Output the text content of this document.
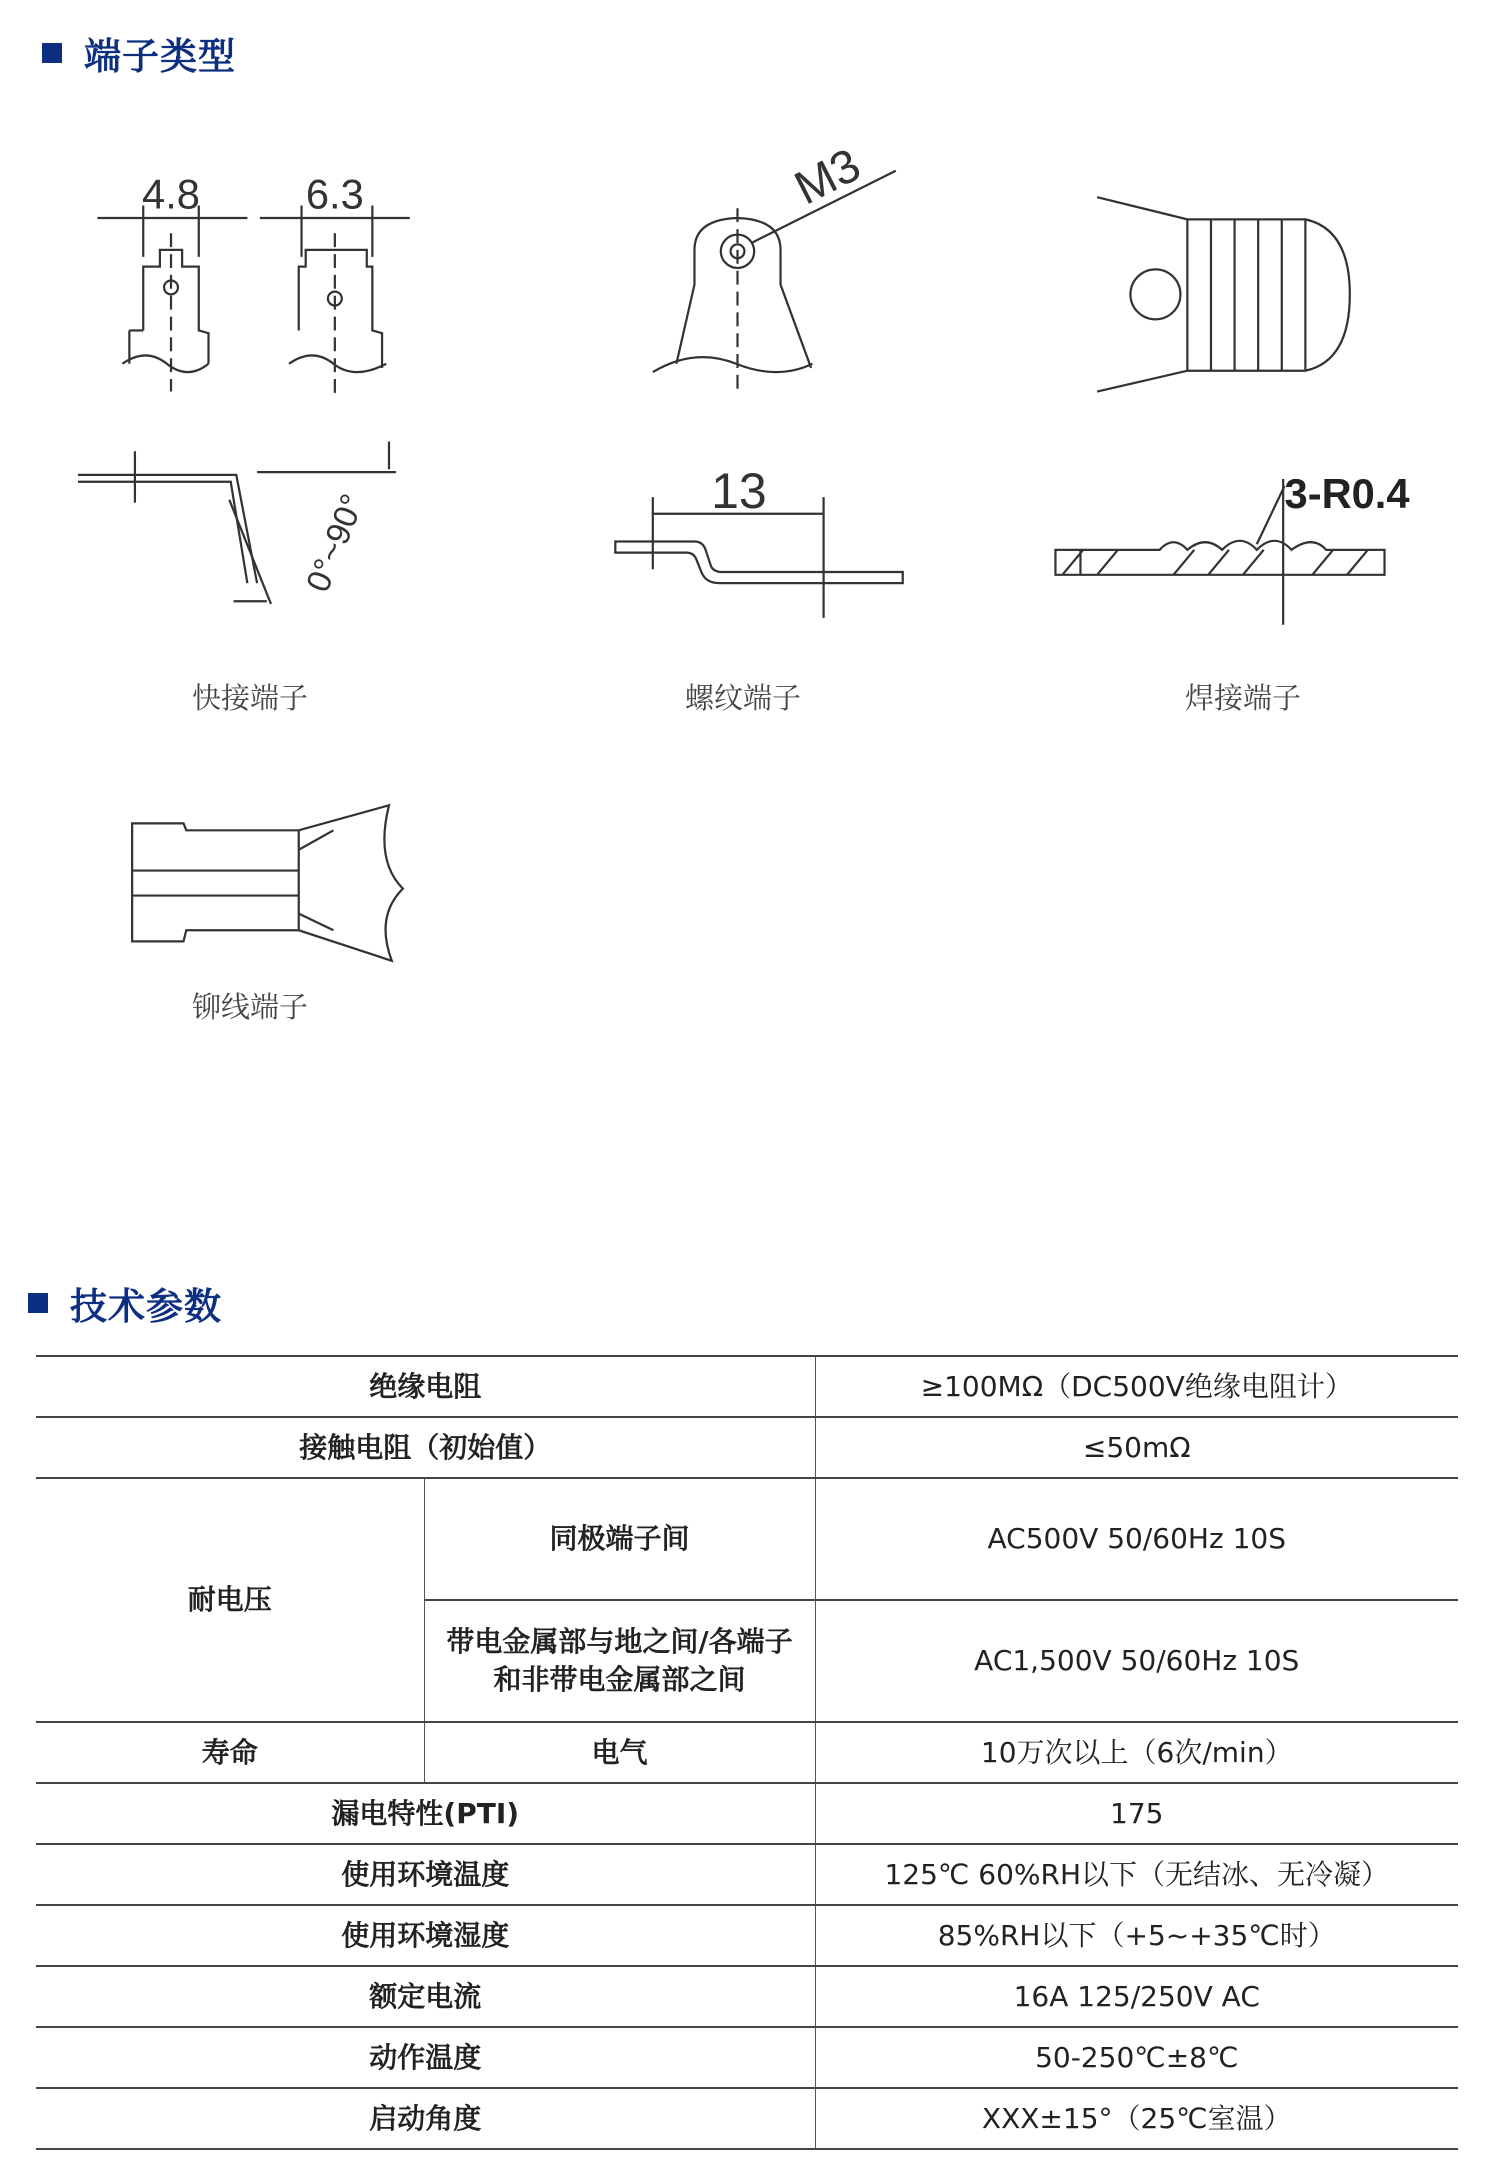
端子类型
4.8	6.3
0°~90°
M3
13	3-R0.4
快接端子	螺纹端子	焊接端子
铆线端子
技术参数
绝缘电阻		≥100MΩ（DC500V绝缘电阻计）
接触电阻（初始值）		≤50mΩ
耐电压	同极端子间	AC500V 50/60Hz 10S
	带电金属部与地之间/各端子和非带电金属部之间	AC1,500V 50/60Hz 10S
寿命	电气	10万次以上（6次/min）
漏电特性(PTI)		175
使用环境温度		125℃ 60%RH以下（无结冰、无冷凝）
使用环境湿度		85%RH以下（+5~+35℃时）
额定电流		16A 125/250V AC
动作温度		50-250℃±8℃
启动角度		XXX±15°（25℃室温）
